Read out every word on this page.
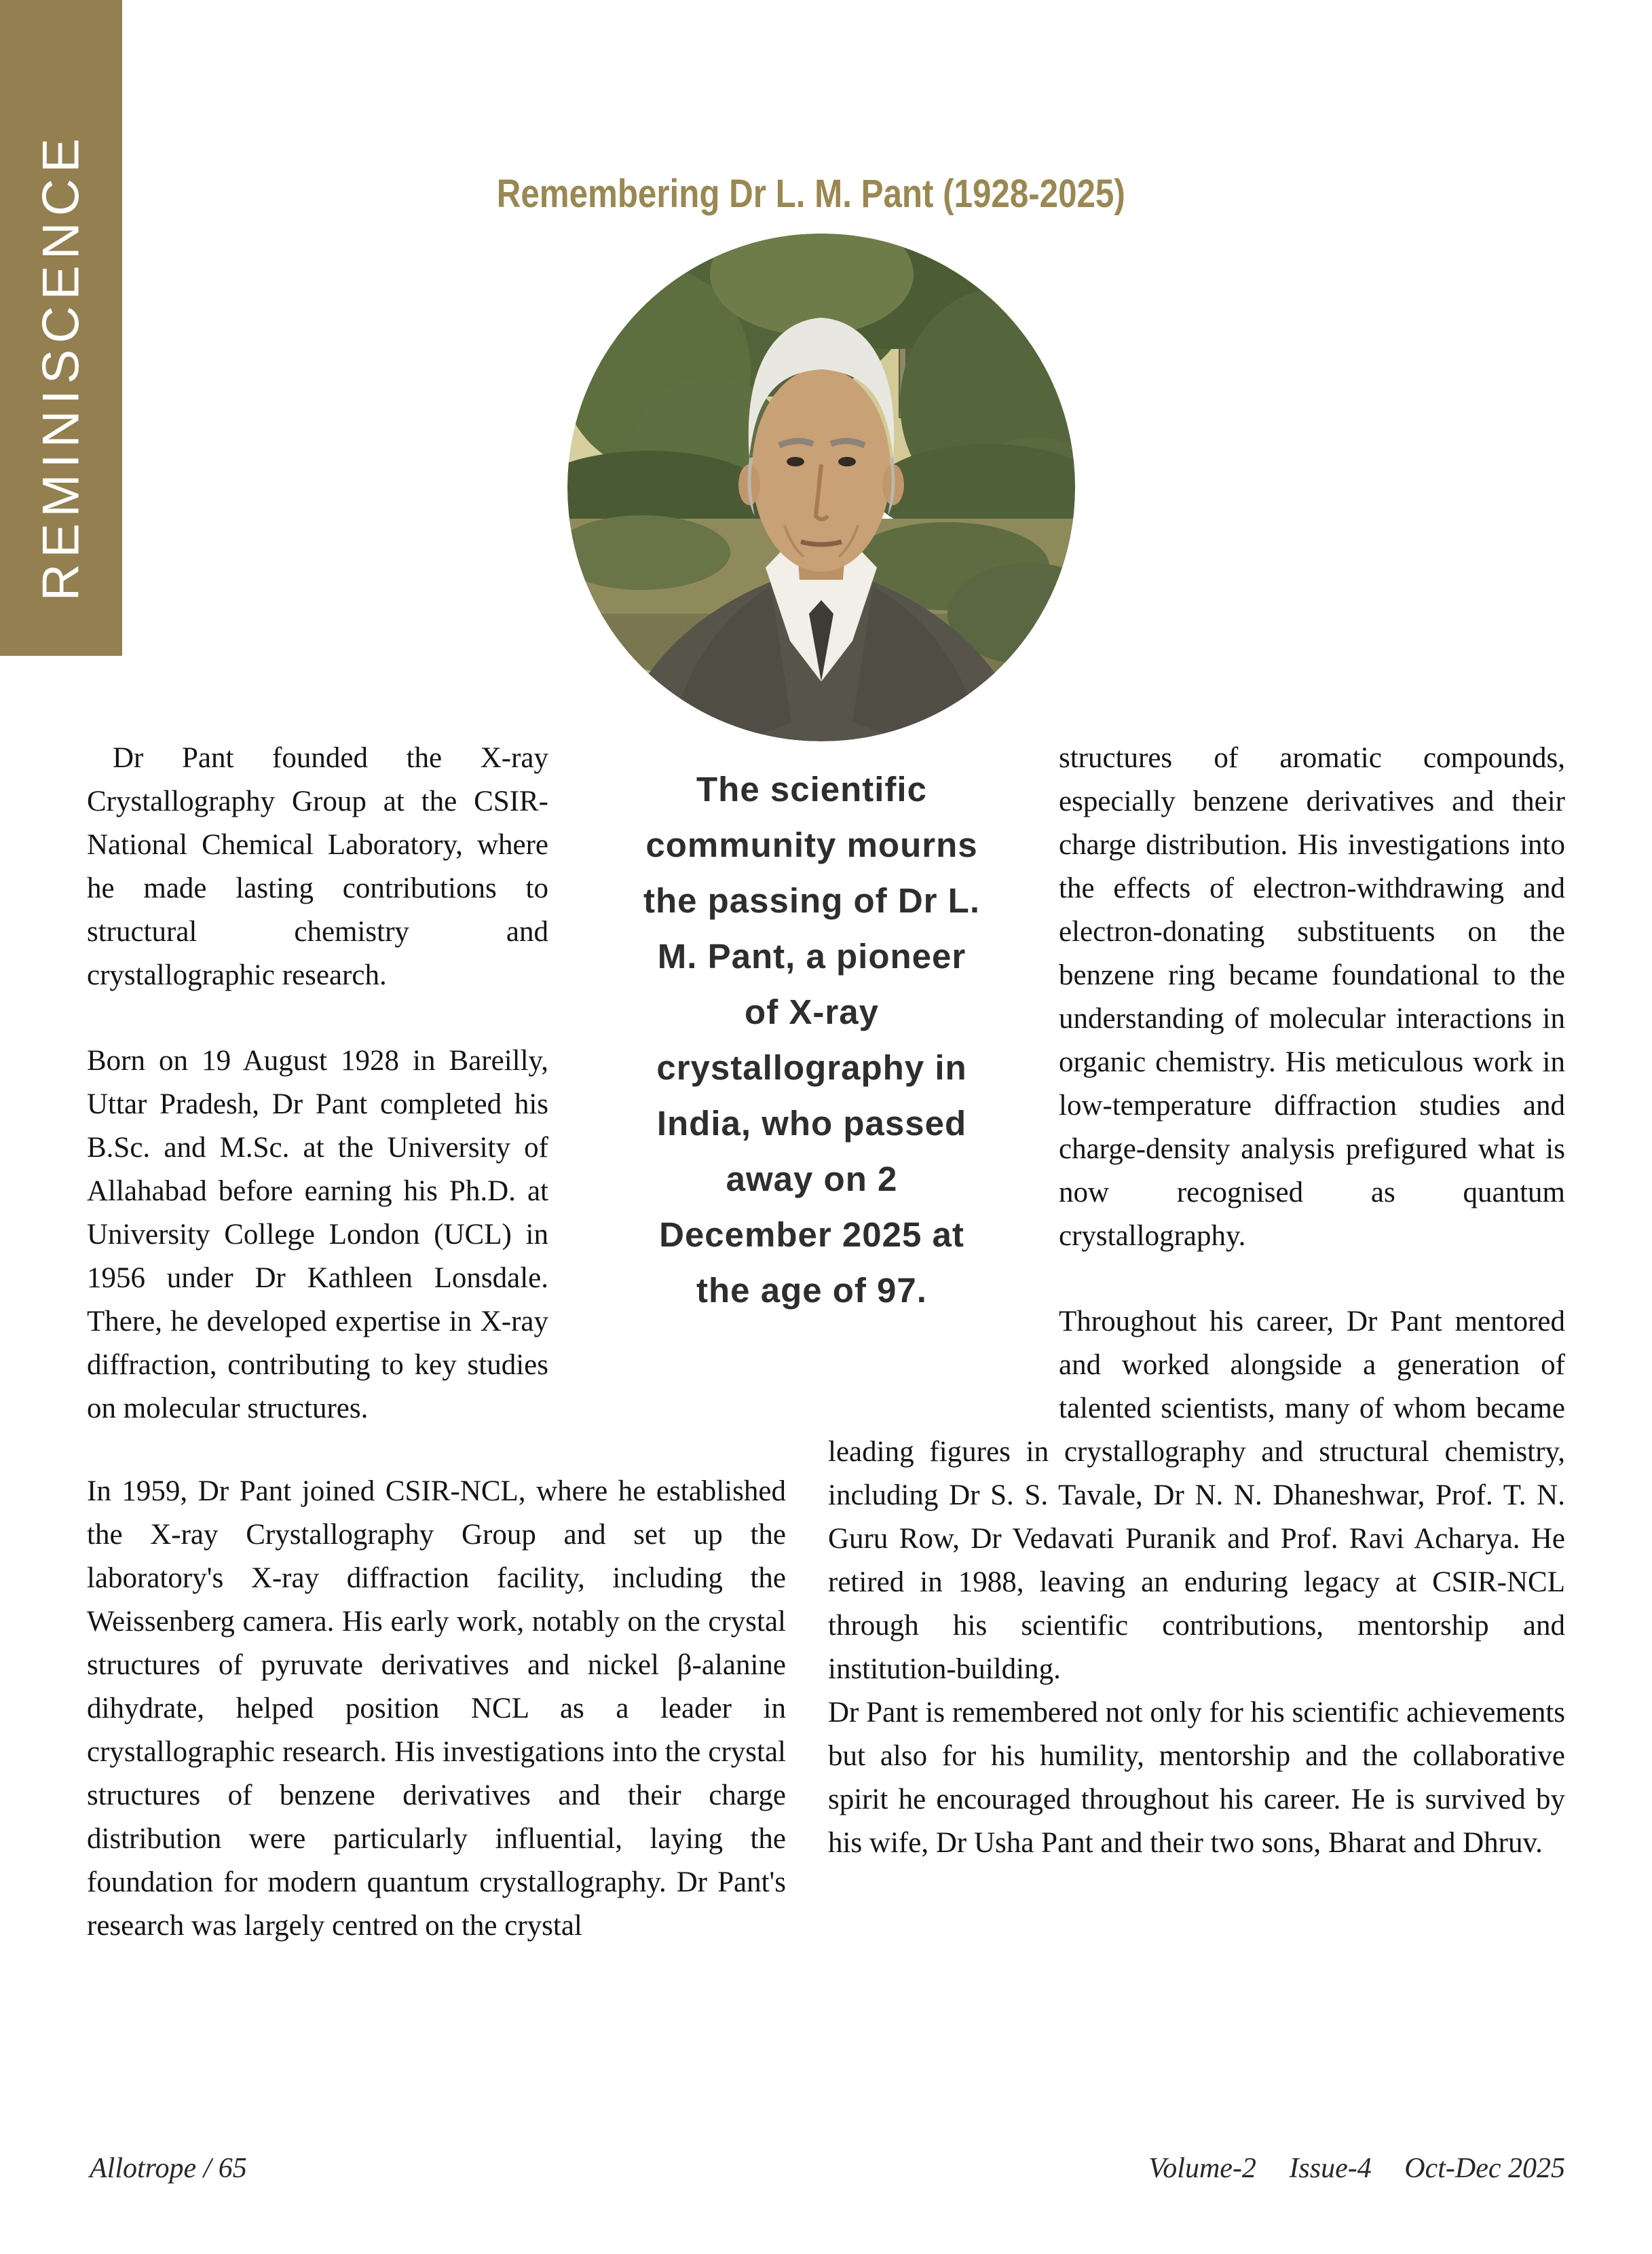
REMINISCENCE	Remembering Dr L. M. Pant (1928-2025)
The scientific
community mourns
the passing of Dr L.
M. Pant, a pioneer
of X-ray
crystallography in
India, who passed
away on 2
December 2025 at
the age of 97.

Dr Pant founded the X-ray Crystallography Group at the CSIR-National Chemical Laboratory, where he made lasting contributions to structural chemistry and crystallographic research.

Born on 19 August 1928 in Bareilly, Uttar Pradesh, Dr Pant completed his B.Sc. and M.Sc. at the University of Allahabad before earning his Ph.D. at University College London (UCL) in 1956 under Dr Kathleen Lonsdale. There, he developed expertise in X-ray diffraction, contributing to key studies on molecular structures.

In 1959, Dr Pant joined CSIR-NCL, where he established the X-ray Crystallography Group and set up the laboratory's X-ray diffraction facility, including the Weissenberg camera. His early work, notably on the crystal structures of pyruvate derivatives and nickel β-alanine dihydrate, helped position NCL as a leader in crystallographic research. His investigations into the crystal structures of benzene derivatives and their charge distribution were particularly influential, laying the foundation for modern quantum crystallography. Dr Pant's research was largely centred on the crystal

structures of aromatic compounds, especially benzene derivatives and their charge distribution. His investigations into the effects of electron-withdrawing and electron-donating substituents on the benzene ring became foundational to the understanding of molecular interactions in organic chemistry. His meticulous work in low-temperature diffraction studies and charge-density analysis prefigured what is now recognised as quantum crystallography.

Throughout his career, Dr Pant mentored and worked alongside a generation of talented scientists, many of whom became leading figures in crystallography and structural chemistry, including Dr S. S. Tavale, Dr N. N. Dhaneshwar, Prof. T. N. Guru Row, Dr Vedavati Puranik and Prof. Ravi Acharya. He retired in 1988, leaving an enduring legacy at CSIR-NCL through his scientific contributions, mentorship and institution-building.

Dr Pant is remembered not only for his scientific achievements but also for his humility, mentorship and the collaborative spirit he encouraged throughout his career. He is survived by his wife, Dr Usha Pant and their two sons, Bharat and Dhruv.

Allotrope / 65	Volume-2 Issue-4 Oct-Dec 2025
